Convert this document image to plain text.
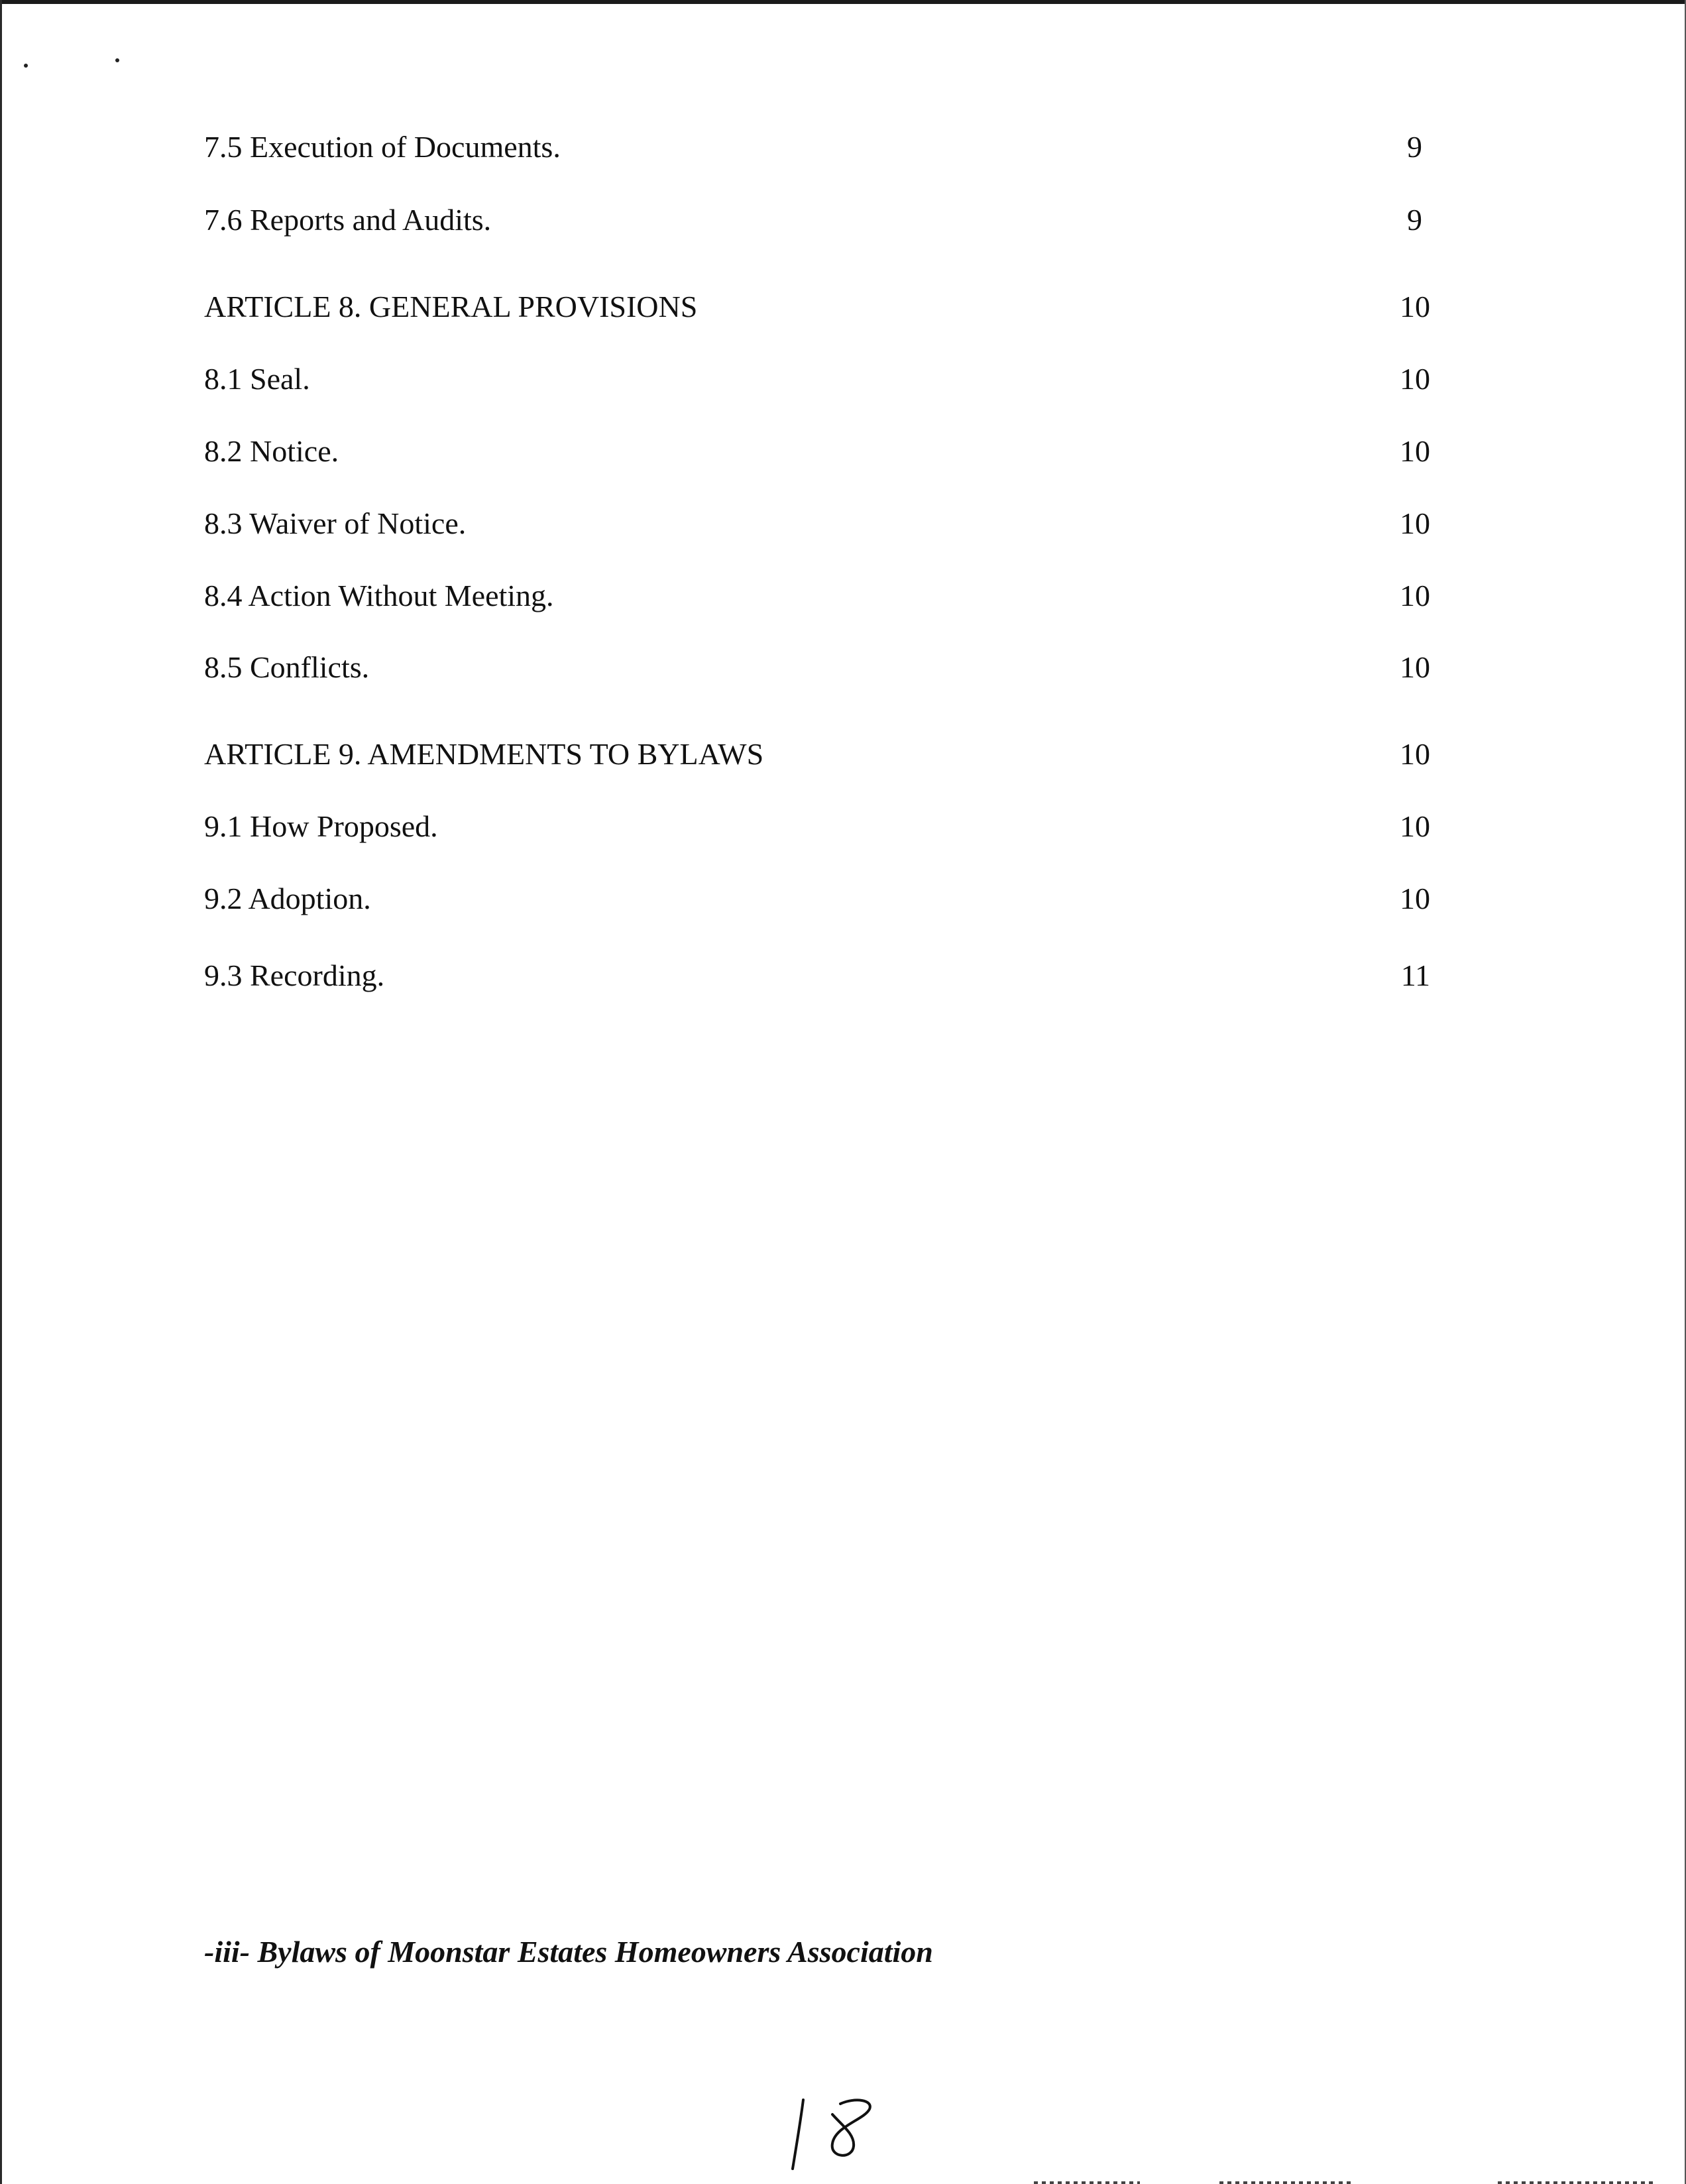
7.5 Execution of Documents.	9
7.6 Reports and Audits.	9
ARTICLE 8. GENERAL PROVISIONS	10
8.1 Seal.	10
8.2 Notice.	10
8.3 Waiver of Notice.	10
8.4 Action Without Meeting.	10
8.5 Conflicts.	10
ARTICLE 9. AMENDMENTS TO BYLAWS	10
9.1 How Proposed.	10
9.2 Adoption.	10
9.3 Recording.	11
-iii- Bylaws of Moonstar Estates Homeowners Association
